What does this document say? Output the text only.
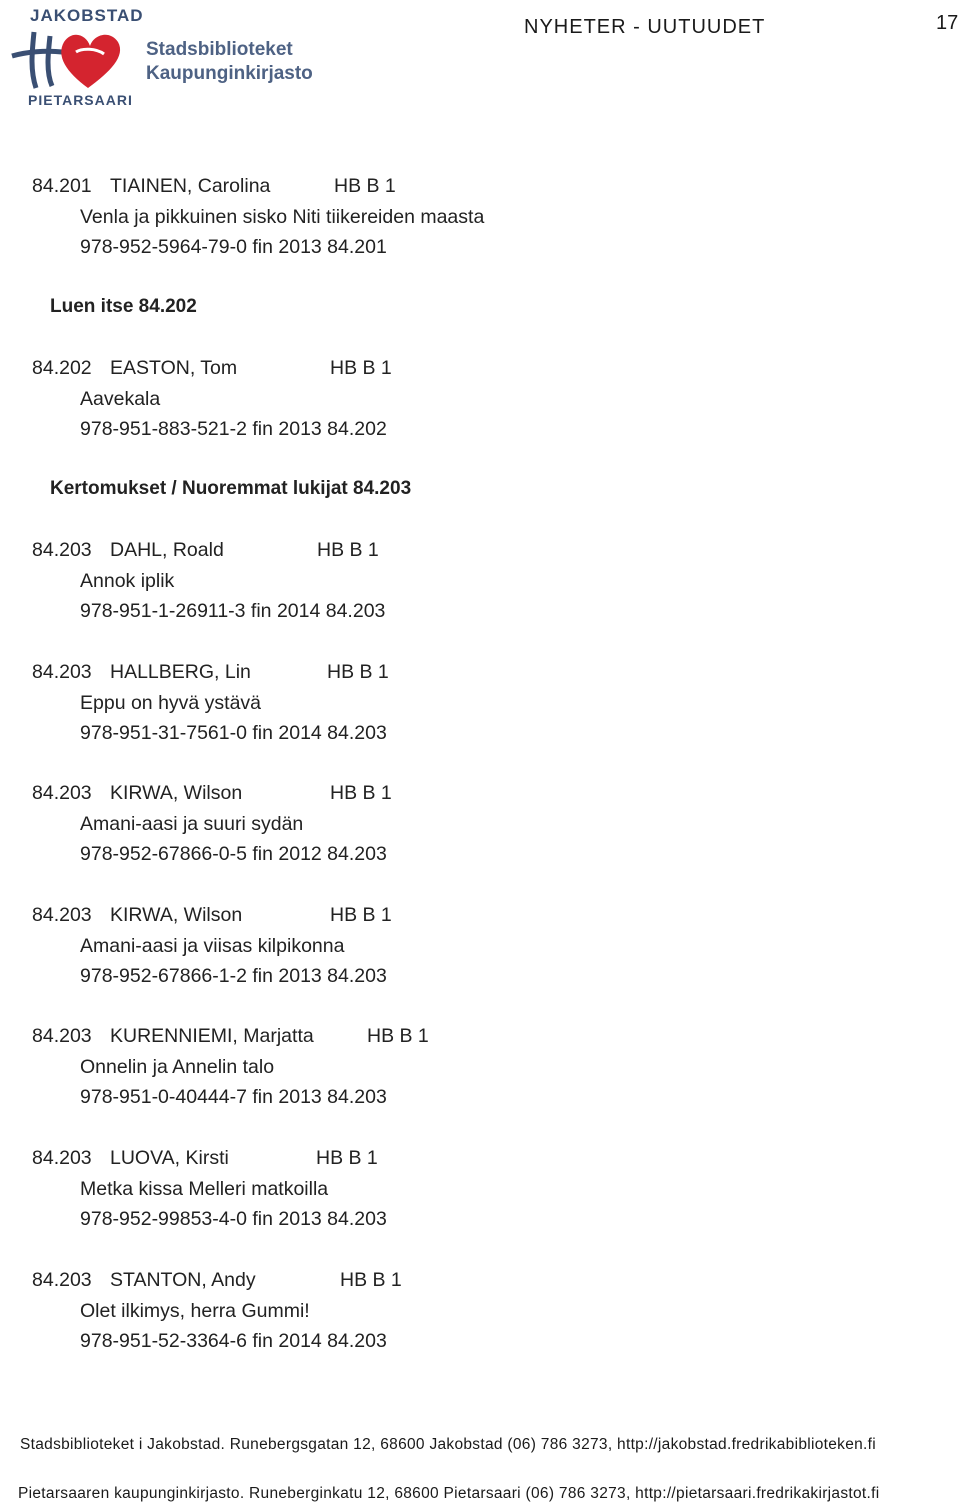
JAKOBSTAD
Stadsbiblioteket
Kaupunginkirjasto
PIETARSAARI
NYHETER - UUTUUDET	17
84.201 TIAINEN, Carolina	HB B 1
Venla ja pikkuinen sisko Niti tiikereiden maasta
978-952-5964-79-0 fin 2013 84.201
Luen itse 84.202
84.202 EASTON, Tom	HB B 1
Aavekala
978-951-883-521-2 fin 2013 84.202
Kertomukset / Nuoremmat lukijat 84.203
84.203 DAHL, Roald	HB B 1
Annok iplik
978-951-1-26911-3 fin 2014 84.203
84.203 HALLBERG, Lin	HB B 1
Eppu on hyvä ystävä
978-951-31-7561-0 fin 2014 84.203
84.203 KIRWA, Wilson	HB B 1
Amani-aasi ja suuri sydän
978-952-67866-0-5 fin 2012 84.203
84.203 KIRWA, Wilson	HB B 1
Amani-aasi ja viisas kilpikonna
978-952-67866-1-2 fin 2013 84.203
84.203 KURENNIEMI, Marjatta	HB B 1
Onnelin ja Annelin talo
978-951-0-40444-7 fin 2013 84.203
84.203 LUOVA, Kirsti	HB B 1
Metka kissa Melleri matkoilla
978-952-99853-4-0 fin 2013 84.203
84.203 STANTON, Andy	HB B 1
Olet ilkimys, herra Gummi!
978-951-52-3364-6 fin 2014 84.203
Stadsbiblioteket i Jakobstad. Runebergsgatan 12, 68600 Jakobstad (06) 786 3273, http://jakobstad.fredrikabiblioteken.fi
Pietarsaaren kaupunginkirjasto. Runeberginkatu 12, 68600 Pietarsaari (06) 786 3273, http://pietarsaari.fredrikakirjastot.fi
